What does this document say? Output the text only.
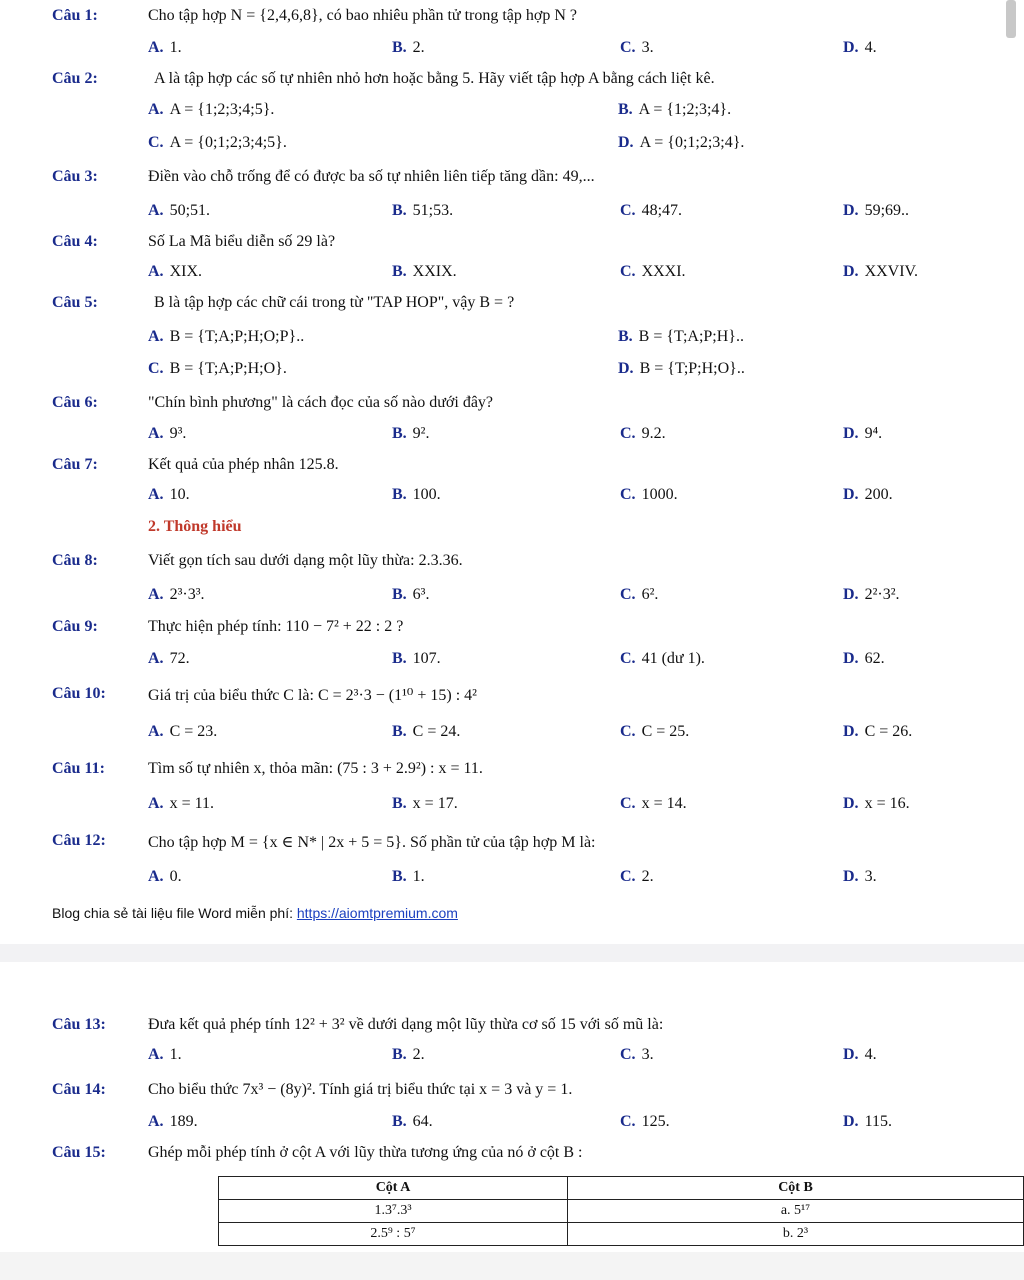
Câu 1:	Cho tập hợp N = {2,4,6,8}, có bao nhiêu phần tử trong tập hợp N ?
A. 1.	B. 2.	C. 3.	D. 4.
Câu 2:	A là tập hợp các số tự nhiên nhỏ hơn hoặc bằng 5. Hãy viết tập hợp A bằng cách liệt kê.
A. A = {1;2;3;4;5}.	B. A = {1;2;3;4}.
C. A = {0;1;2;3;4;5}.	D. A = {0;1;2;3;4}.
Câu 3:	Điền vào chỗ trống để có được ba số tự nhiên liên tiếp tăng dần: 49,...
A. 50;51.	B. 51;53.	C. 48;47.	D. 59;69..
Câu 4:	Số La Mã biểu diễn số 29 là?
A. XIX.	B. XXIX.	C. XXXI.	D. XXVIV.
Câu 5:	B là tập hợp các chữ cái trong từ "TAP HOP", vậy B = ?
A. B = {T;A;P;H;O;P}..	B. B = {T;A;P;H}..
C. B = {T;A;P;H;O}.	D. B = {T;P;H;O}..
Câu 6:	"Chín bình phương" là cách đọc của số nào dưới đây?
A. 9³.	B. 9².	C. 9.2.	D. 9⁴.
Câu 7:	Kết quả của phép nhân 125.8.
A. 10.	B. 100.	C. 1000.	D. 200.
2. Thông hiểu
Câu 8:	Viết gọn tích sau dưới dạng một lũy thừa: 2.3.36.
A. 2³·3³.	B. 6³.	C. 6².	D. 2²·3².
Câu 9:	Thực hiện phép tính: 110 − 7² + 22 : 2 ?
A. 72.	B. 107.	C. 41 (dư 1).	D. 62.
Câu 10:	Giá trị của biểu thức C là: C = 2³·3 − (1¹⁰ + 15) : 4²
A. C = 23.	B. C = 24.	C. C = 25.	D. C = 26.
Câu 11:	Tìm số tự nhiên x, thỏa mãn: (75 : 3 + 2.9²) : x = 11.
A. x = 11.	B. x = 17.	C. x = 14.	D. x = 16.
Câu 12:	Cho tập hợp M = {x ∈ N* | 2x + 5 = 5}. Số phần tử của tập hợp M là:
A. 0.	B. 1.	C. 2.	D. 3.
Blog chia sẻ tài liệu file Word miễn phí: https://aiomtpremium.com
Câu 13:	Đưa kết quả phép tính 12² + 3² về dưới dạng một lũy thừa cơ số 15 với số mũ là:
A. 1.	B. 2.	C. 3.	D. 4.
Câu 14:	Cho biểu thức 7x³ − (8y)². Tính giá trị biểu thức tại x = 3 và y = 1.
A. 189.	B. 64.	C. 125.	D. 115.
Câu 15:	Ghép mỗi phép tính ở cột A với lũy thừa tương ứng của nó ở cột B :
Cột A	Cột B
1.3⁷.3³	a. 5¹⁷
2.5⁹ : 5⁷	b. 2³
